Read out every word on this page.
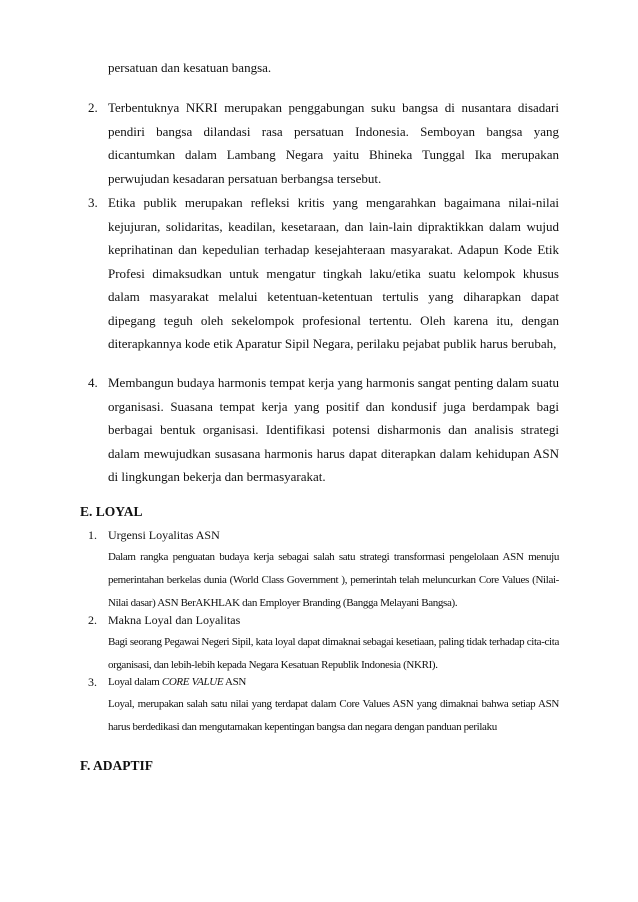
persatuan dan kesatuan bangsa.

2. Terbentuknya NKRI merupakan penggabungan suku bangsa di nusantara disadari pendiri bangsa dilandasi rasa persatuan Indonesia. Semboyan bangsa yang dicantumkan dalam Lambang Negara yaitu Bhineka Tunggal Ika merupakan perwujudan kesadaran persatuan berbangsa tersebut.

3. Etika publik merupakan refleksi kritis yang mengarahkan bagaimana nilai-nilai kejujuran, solidaritas, keadilan, kesetaraan, dan lain-lain dipraktikkan dalam wujud keprihatinan dan kepedulian terhadap kesejahteraan masyarakat. Adapun Kode Etik Profesi dimaksudkan untuk mengatur tingkah laku/etika suatu kelompok khusus dalam masyarakat melalui ketentuan-ketentuan tertulis yang diharapkan dapat dipegang teguh oleh sekelompok profesional tertentu. Oleh karena itu, dengan diterapkannya kode etik Aparatur Sipil Negara, perilaku pejabat publik harus berubah,

4. Membangun budaya harmonis tempat kerja yang harmonis sangat penting dalam suatu organisasi. Suasana tempat kerja yang positif dan kondusif juga berdampak bagi berbagai bentuk organisasi. Identifikasi potensi disharmonis dan analisis strategi dalam mewujudkan susasana harmonis harus dapat diterapkan dalam kehidupan ASN di lingkungan bekerja dan bermasyarakat.

E. LOYAL
1. Urgensi Loyalitas ASN

Dalam rangka penguatan budaya kerja sebagai salah satu strategi transformasi pengelolaan ASN menuju pemerintahan berkelas dunia (World Class Government ), pemerintah telah meluncurkan Core Values (Nilai-Nilai dasar) ASN BerAKHLAK dan Employer Branding (Bangga Melayani Bangsa).

2. Makna Loyal dan Loyalitas

Bagi seorang Pegawai Negeri Sipil, kata loyal dapat dimaknai sebagai kesetiaan, paling tidak terhadap cita-cita organisasi, dan lebih-lebih kepada Negara Kesatuan Republik Indonesia (NKRI).

3. Loyal dalam CORE VALUE ASN

Loyal, merupakan salah satu nilai yang terdapat dalam Core Values ASN yang dimaknai bahwa setiap ASN harus berdedikasi dan mengutamakan kepentingan bangsa dan negara dengan panduan perilaku

F. ADAPTIF
